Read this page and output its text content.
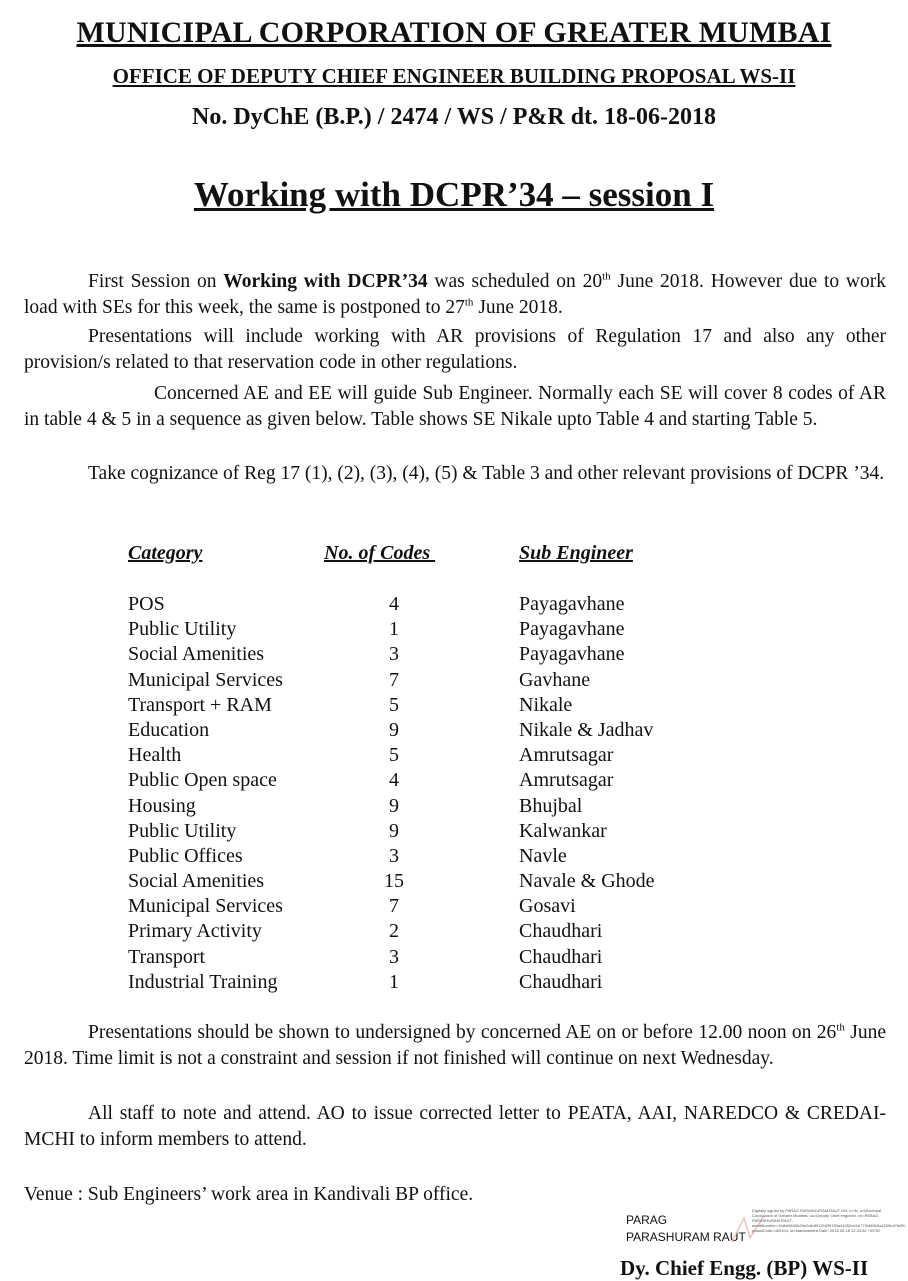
MUNICIPAL CORPORATION OF GREATER MUMBAI
OFFICE OF DEPUTY CHIEF ENGINEER BUILDING PROPOSAL WS-II
No. DyChE (B.P.) / 2474 / WS / P&R dt. 18-06-2018
Working with DCPR’34 – session I
First Session on Working with DCPR’34 was scheduled on 20th June 2018. However due to work load with SEs for this week, the same is postponed to 27th June 2018.
Presentations will include working with AR provisions of Regulation 17 and also any other provision/s related to that reservation code in other regulations.
Concerned AE and EE will guide Sub Engineer. Normally each SE will cover 8 codes of AR in table 4 & 5 in a sequence as given below. Table shows SE Nikale upto Table 4 and starting Table 5.
Take cognizance of Reg 17 (1), (2), (3), (4), (5) & Table 3 and other relevant provisions of DCPR ’34.
Category	No. of Codes	Sub Engineer
POS	4	Payagavhane
Public Utility	1	Payagavhane
Social Amenities	3	Payagavhane
Municipal Services	7	Gavhane
Transport + RAM	5	Nikale
Education	9	Nikale & Jadhav
Health	5	Amrutsagar
Public Open space	4	Amrutsagar
Housing	9	Bhujbal
Public Utility	9	Kalwankar
Public Offices	3	Navle
Social Amenities	15	Navale & Ghode
Municipal Services	7	Gosavi
Primary Activity	2	Chaudhari
Transport	3	Chaudhari
Industrial Training	1	Chaudhari
Presentations should be shown to undersigned by concerned AE on or before 12.00 noon on 26th June 2018. Time limit is not a constraint and session if not finished will continue on next Wednesday.
All staff to note and attend. AO to issue corrected letter to PEATA, AAI, NAREDCO & CREDAI-MCHI to inform members to attend.
Venue : Sub Engineers’ work area in Kandivali BP office.
PARAG
PARASHURAM RAUT
Digitally signed by PARAG PARASHURAM RAUT DN: c=IN, o=Municipal Corporation of Greater Mumbai, ou=Deputy Chief engineer, cn=PARAG PARASHURAM RAUT, serialNumber=1fd6e5840b29e2c8d6f17fd2f9783a44262d41b77f2d85b5a4205b47fe85, postalCode=400104, st=Maharashtra Date: 2018.06.18 12:33:52 +05'30'
Dy. Chief Engg. (BP) WS-II
